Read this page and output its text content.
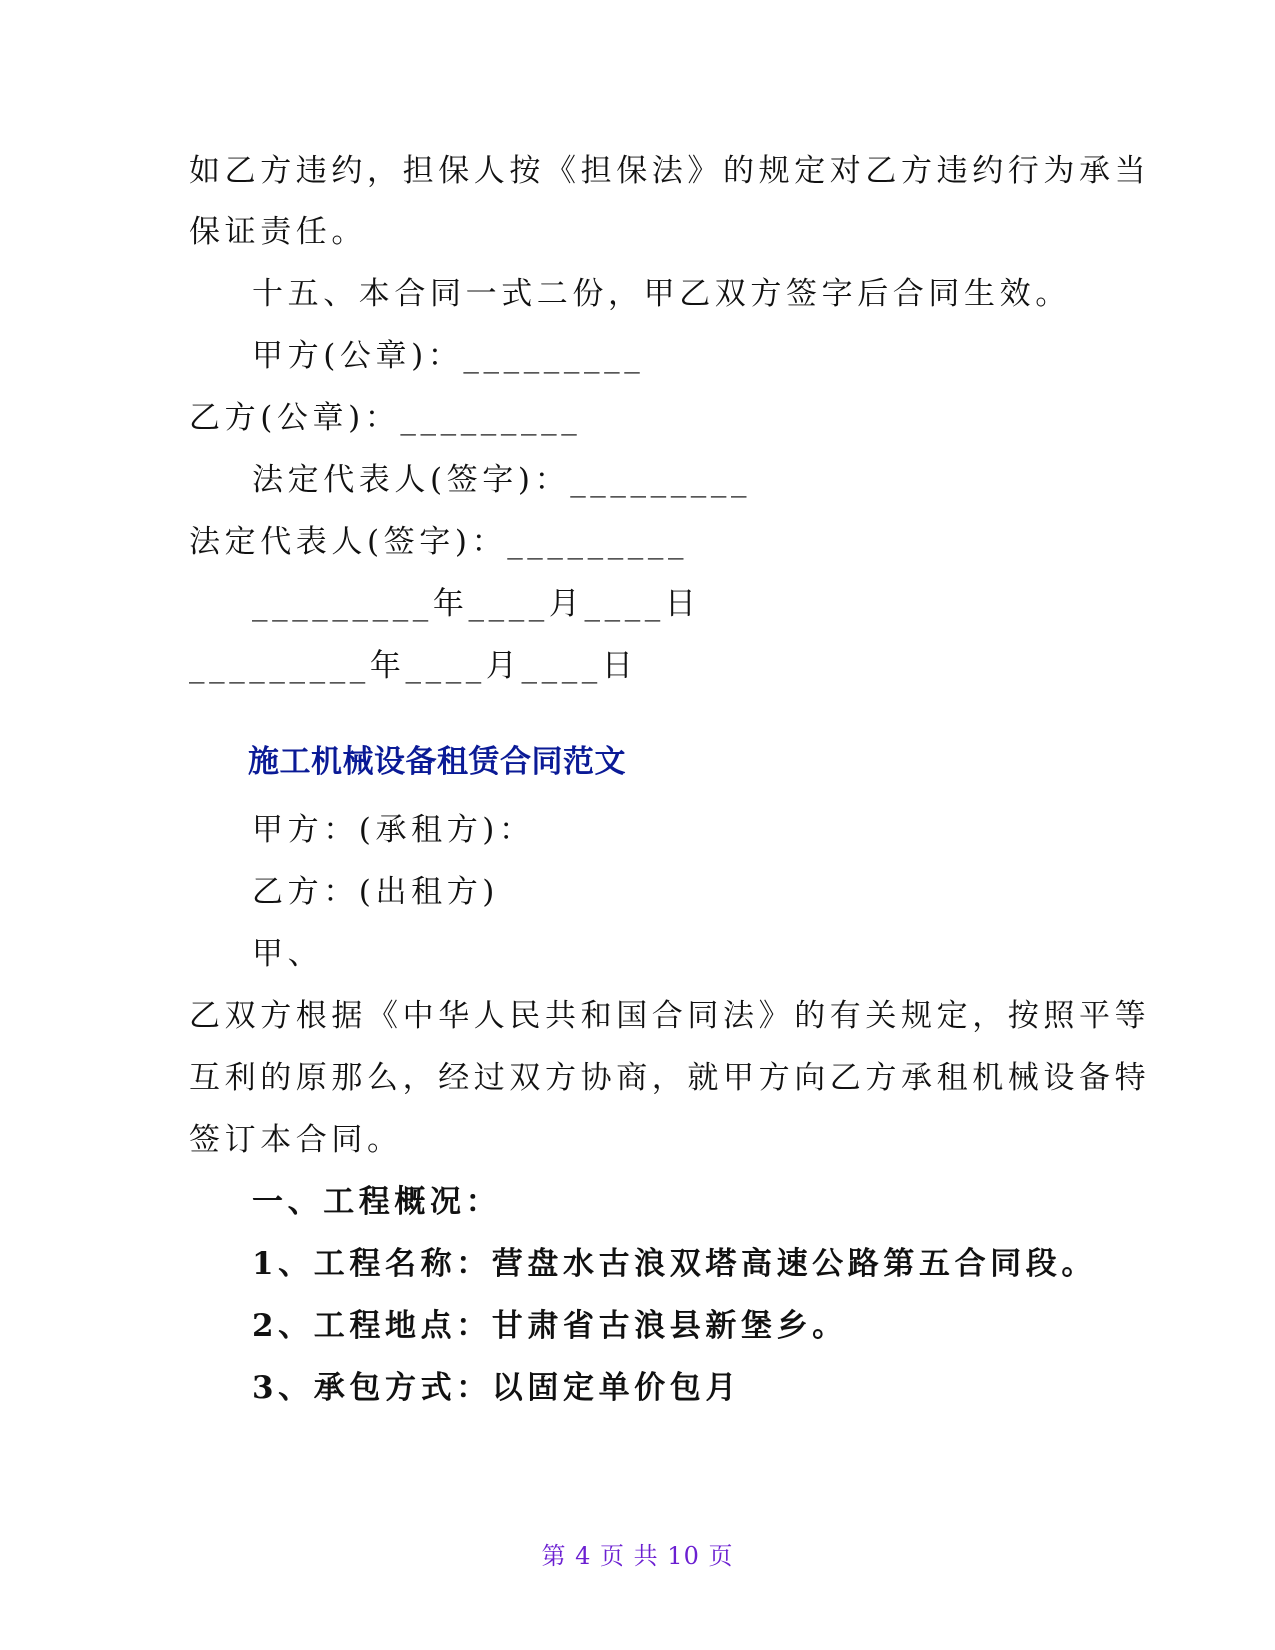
如乙方违约，担保人按《担保法》的规定对乙方违约行为承当
保证责任。
十五、本合同一式二份，甲乙双方签字后合同生效。
甲方(公章)：_________
乙方(公章)：_________
法定代表人(签字)：_________
法定代表人(签字)：_________
_________年____月____日
_________年____月____日
施工机械设备租赁合同范文
甲方：(承租方)：
乙方：(出租方)
甲、
乙双方根据《中华人民共和国合同法》的有关规定，按照平等
互利的原那么，经过双方协商，就甲方向乙方承租机械设备特
签订本合同。
一、工程概况：
1、工程名称：营盘水古浪双塔高速公路第五合同段。
2、工程地点：甘肃省古浪县新堡乡。
3、承包方式：以固定单价包月
第 4 页 共 10 页
